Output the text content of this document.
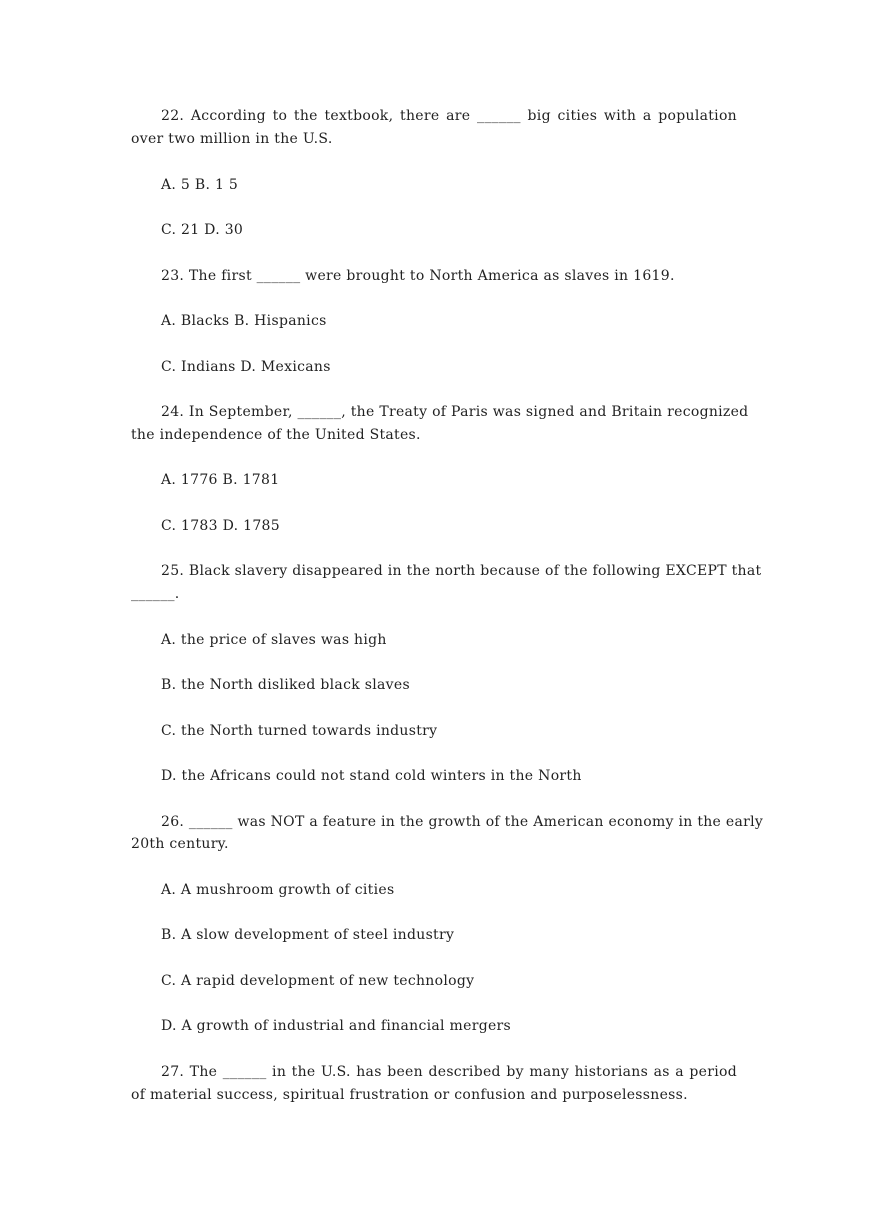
22. According to the textbook, there are ______ big cities with a population
over two million in the U.S.
A. 5 B. 1 5
C. 21 D. 30
23. The first ______ were brought to North America as slaves in 1619.
A. Blacks B. Hispanics
C. Indians D. Mexicans
24. In September, ______, the Treaty of Paris was signed and Britain recognized
the independence of the United States.
A. 1776 B. 1781
C. 1783 D. 1785
25. Black slavery disappeared in the north because of the following EXCEPT that
______.
A. the price of slaves was high
B. the North disliked black slaves
C. the North turned towards industry
D. the Africans could not stand cold winters in the North
26. ______ was NOT a feature in the growth of the American economy in the early
20th century.
A. A mushroom growth of cities
B. A slow development of steel industry
C. A rapid development of new technology
D. A growth of industrial and financial mergers
27. The ______ in the U.S. has been described by many historians as a period
of material success, spiritual frustration or confusion and purposelessness.
